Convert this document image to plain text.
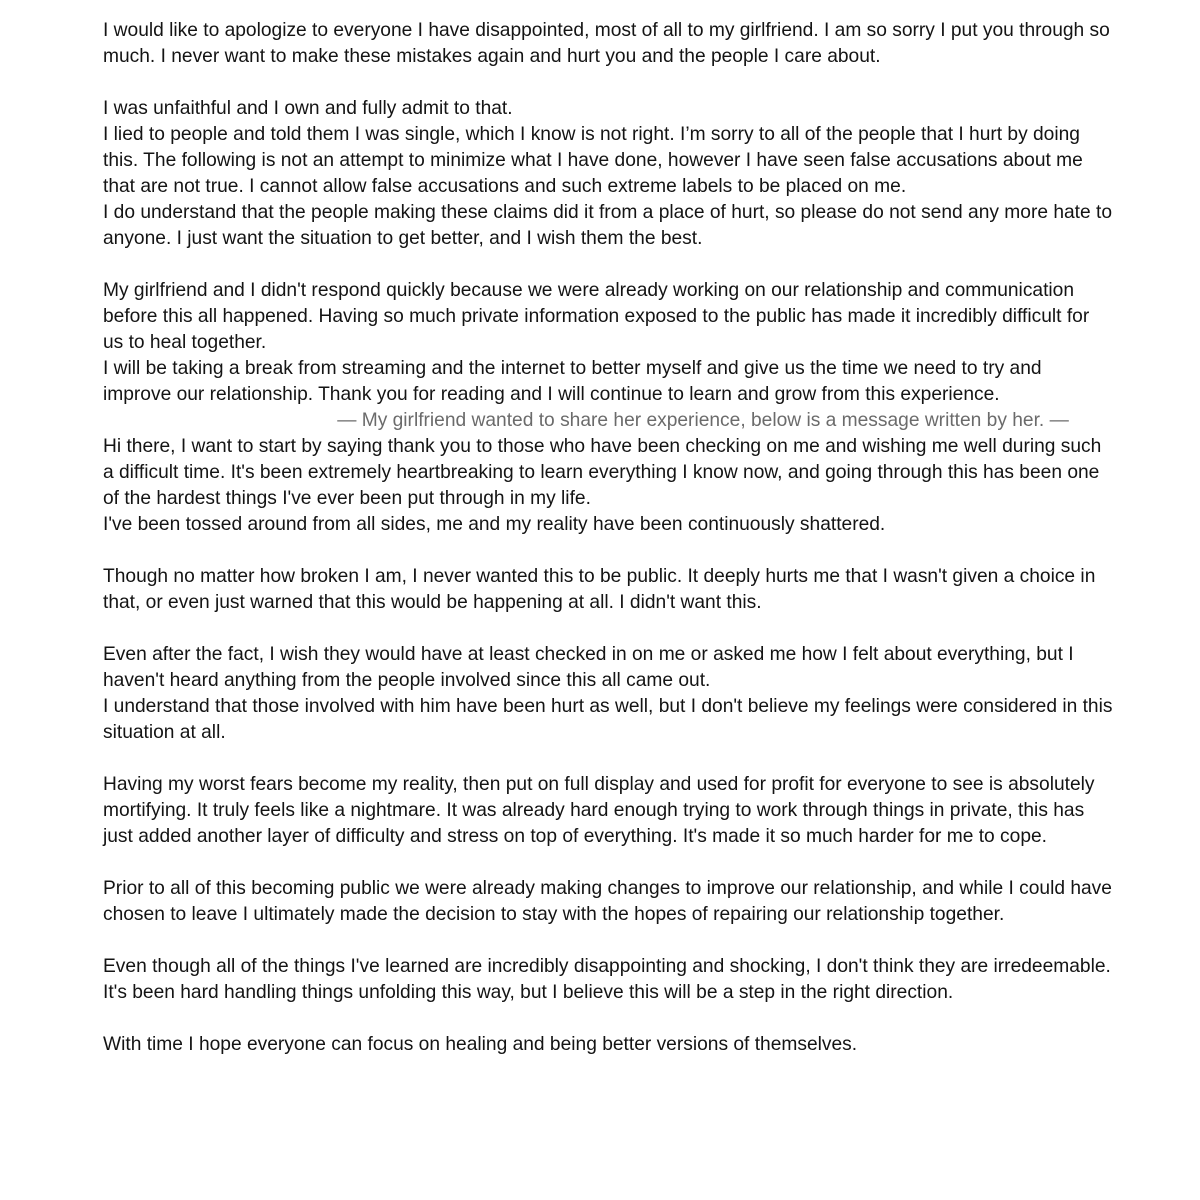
I would like to apologize to everyone I have disappointed, most of all to my girlfriend. I am so sorry I put you through so much. I never want to make these mistakes again and hurt you and the people I care about.

I was unfaithful and I own and fully admit to that.

I lied to people and told them I was single, which I know is not right. I’m sorry to all of the people that I hurt by doing this. The following is not an attempt to minimize what I have done, however I have seen false accusations about me that are not true. I cannot allow false accusations and such extreme labels to be placed on me.

I do understand that the people making these claims did it from a place of hurt, so please do not send any more hate to anyone. I just want the situation to get better, and I wish them the best.

My girlfriend and I didn't respond quickly because we were already working on our relationship and communication before this all happened. Having so much private information exposed to the public has made it incredibly difficult for us to heal together.

I will be taking a break from streaming and the internet to better myself and give us the time we need to try and improve our relationship. Thank you for reading and I will continue to learn and grow from this experience.

— My girlfriend wanted to share her experience, below is a message written by her. —

Hi there, I want to start by saying thank you to those who have been checking on me and wishing me well during such a difficult time. It's been extremely heartbreaking to learn everything I know now, and going through this has been one of the hardest things I've ever been put through in my life.

I've been tossed around from all sides, me and my reality have been continuously shattered.

Though no matter how broken I am, I never wanted this to be public. It deeply hurts me that I wasn't given a choice in that, or even just warned that this would be happening at all. I didn't want this.

Even after the fact, I wish they would have at least checked in on me or asked me how I felt about everything, but I haven't heard anything from the people involved since this all came out.

I understand that those involved with him have been hurt as well, but I don't believe my feelings were considered in this situation at all.

Having my worst fears become my reality, then put on full display and used for profit for everyone to see is absolutely mortifying. It truly feels like a nightmare. It was already hard enough trying to work through things in private, this has just added another layer of difficulty and stress on top of everything. It's made it so much harder for me to cope.

Prior to all of this becoming public we were already making changes to improve our relationship, and while I could have chosen to leave I ultimately made the decision to stay with the hopes of repairing our relationship together.

Even though all of the things I've learned are incredibly disappointing and shocking, I don't think they are irredeemable. It's been hard handling things unfolding this way, but I believe this will be a step in the right direction.

With time I hope everyone can focus on healing and being better versions of themselves.
